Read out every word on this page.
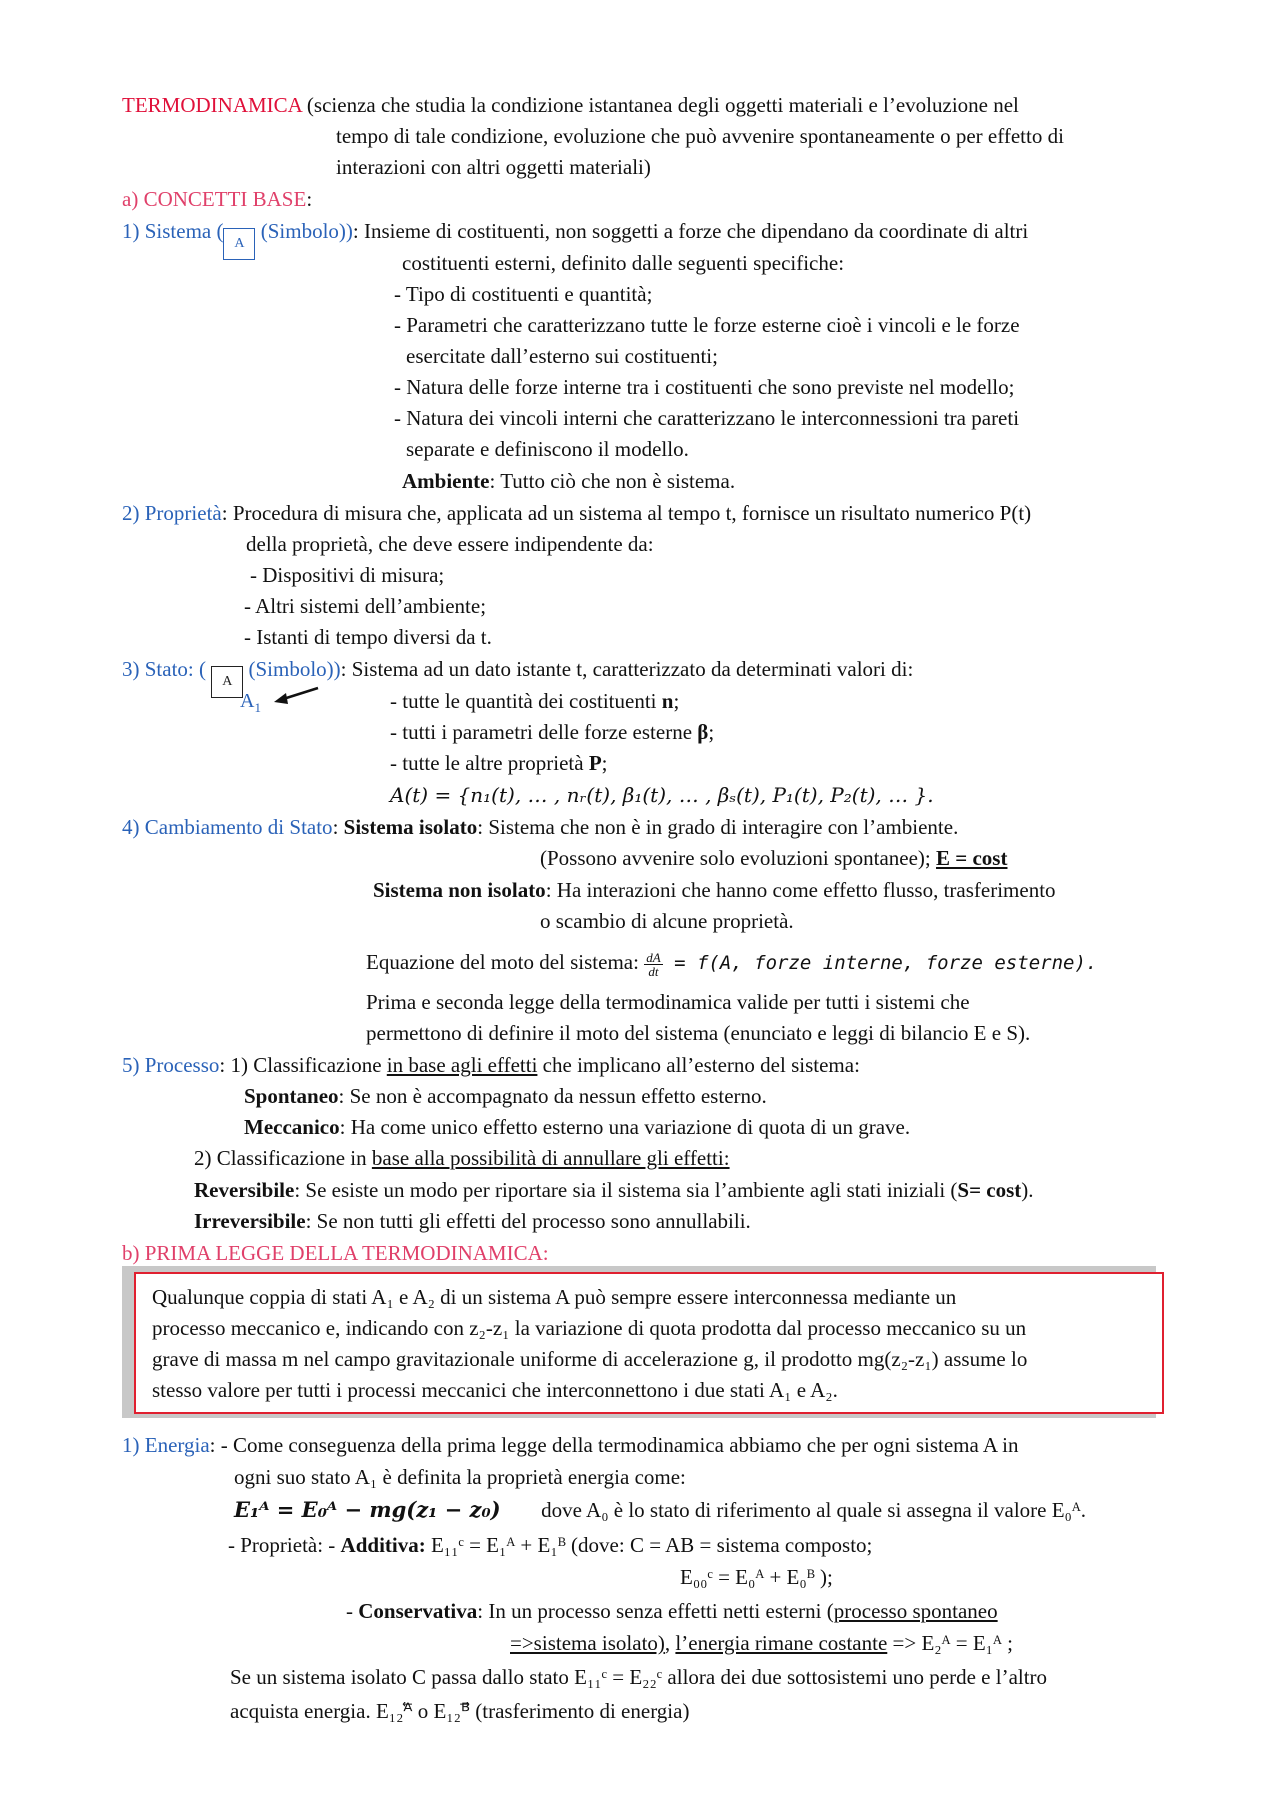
TERMODINAMICA (scienza che studia la condizione istantanea degli oggetti materiali e l’evoluzione nel
tempo di tale condizione, evoluzione che può avvenire spontaneamente o per effetto di
interazioni con altri oggetti materiali)
a) CONCETTI BASE:
1) Sistema (A (Simbolo)): Insieme di costituenti, non soggetti a forze che dipendano da coordinate di altri
costituenti esterni, definito dalle seguenti specifiche:
- Tipo di costituenti e quantità;
- Parametri che caratterizzano tutte le forze esterne cioè i vincoli e le forze
esercitate dall’esterno sui costituenti;
- Natura delle forze interne tra i costituenti che sono previste nel modello;
- Natura dei vincoli interni che caratterizzano le interconnessioni tra pareti
separate e definiscono il modello.
Ambiente: Tutto ciò che non è sistema.
2) Proprietà: Procedura di misura che, applicata ad un sistema al tempo t, fornisce un risultato numerico P(t)
della proprietà, che deve essere indipendente da:
- Dispositivi di misura;
- Altri sistemi dell’ambiente;
- Istanti di tempo diversi da t.
3) Stato: ( A (Simbolo)): Sistema ad un dato istante t, caratterizzato da determinati valori di:
$A_1$	- tutte le quantità dei costituenti n;
- tutti i parametri delle forze esterne β;
- tutte le altre proprietà P;
A(t) = {n₁(t), … , nᵣ(t), β₁(t), … , βₛ(t), P₁(t), P₂(t), … }.
4) Cambiamento di Stato: Sistema isolato: Sistema che non è in grado di interagire con l’ambiente.
(Possono avvenire solo evoluzioni spontanee); E = cost
Sistema non isolato: Ha interazioni che hanno come effetto flusso, trasferimento
o scambio di alcune proprietà.
Equazione del moto del sistema: $\frac{dA}{dt} = f(A$, forze interne, forze esterne).
Prima e seconda legge della termodinamica valide per tutti i sistemi che
permettono di definire il moto del sistema (enunciato e leggi di bilancio E e S).
5) Processo: 1) Classificazione in base agli effetti che implicano all’esterno del sistema:
Spontaneo: Se non è accompagnato da nessun effetto esterno.
Meccanico: Ha come unico effetto esterno una variazione di quota di un grave.
2) Classificazione in base alla possibilità di annullare gli effetti:
Reversibile: Se esiste un modo per riportare sia il sistema sia l’ambiente agli stati iniziali (S= cost).
Irreversibile: Se non tutti gli effetti del processo sono annullabili.
b) PRIMA LEGGE DELLA TERMODINAMICA:
Qualunque coppia di stati A₁ e A₂ di un sistema A può sempre essere interconnessa mediante un
processo meccanico e, indicando con z₂-z₁ la variazione di quota prodotta dal processo meccanico su un
grave di massa m nel campo gravitazionale uniforme di accelerazione g, il prodotto mg(z₂-z₁) assume lo
stesso valore per tutti i processi meccanici che interconnettono i due stati A₁ e A₂.
1) Energia: - Come conseguenza della prima legge della termodinamica abbiamo che per ogni sistema A in
ogni suo stato A₁ è definita la proprietà energia come:
E₁ᴬ = E₀ᴬ − mg(z₁ − z₀) dove A₀ è lo stato di riferimento al quale si assegna il valore E₀ᴬ.
- Proprietà: - Additiva: E₁₁ᶜ = E₁ᴬ + E₁ᴮ (dove: C = AB = sistema composto;
E₀₀ᶜ = E₀ᴬ + E₀ᴮ );
- Conservativa: In un processo senza effetti netti esterni (processo spontaneo
=>sistema isolato), l’energia rimane costante => E₂ᴬ = E₁ᴬ ;
Se un sistema isolato C passa dallo stato E₁₁ᶜ = E₂₂ᶜ allora dei due sottosistemi uno perde e l’altro
acquista energia. E₁₂ᴬ⃖ o E₁₂ᴮ⃗ (trasferimento di energia)
